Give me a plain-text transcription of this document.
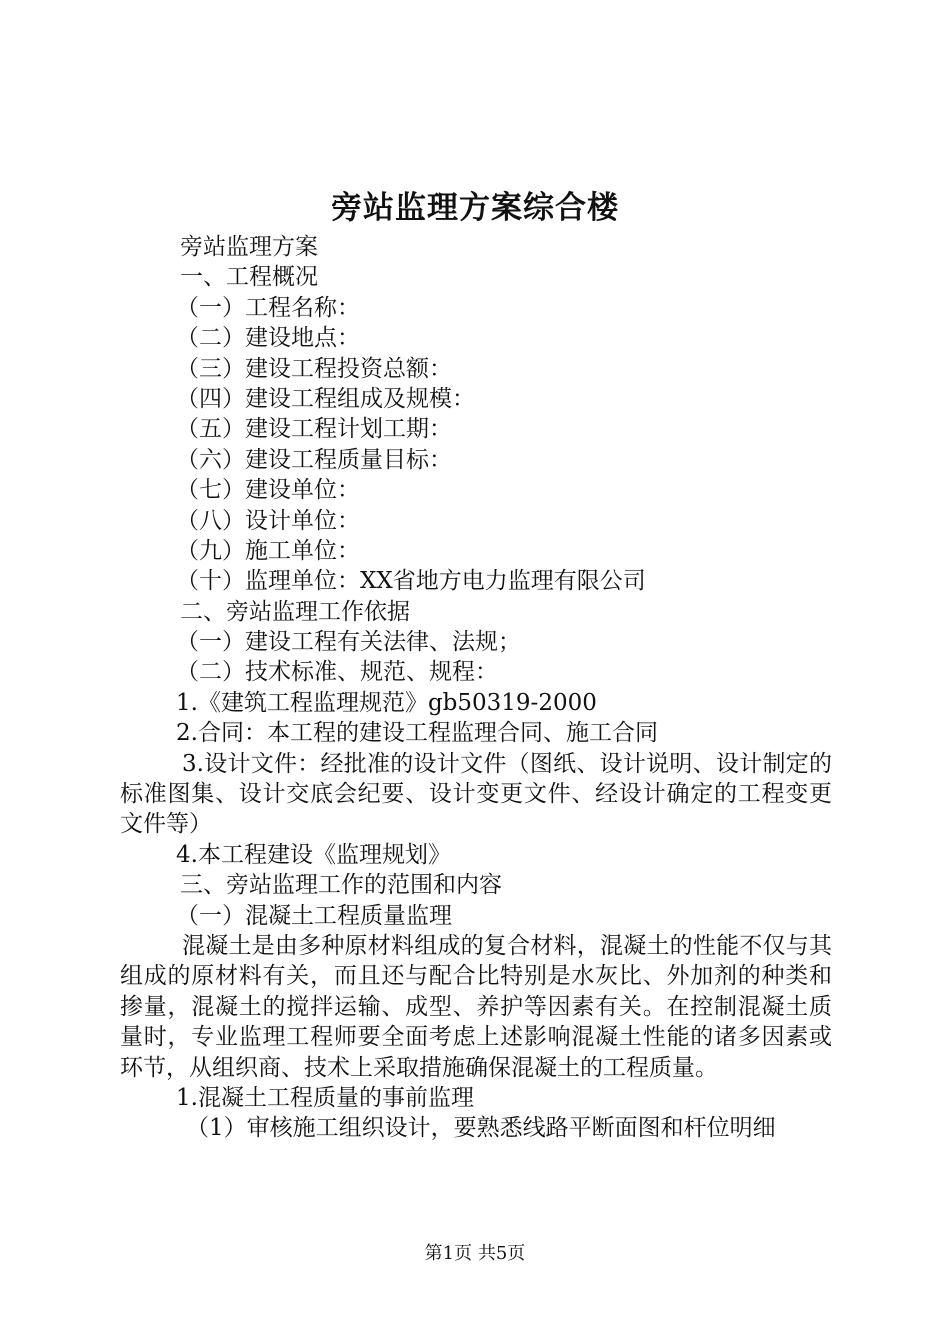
旁站监理方案综合楼
旁站监理方案
一、工程概况
（一）工程名称：
（二）建设地点：
（三）建设工程投资总额：
（四）建设工程组成及规模：
（五）建设工程计划工期：
（六）建设工程质量目标：
（七）建设单位：
（八）设计单位：
（九）施工单位：
（十）监理单位：XX省地方电力监理有限公司
二、旁站监理工作依据
（一）建设工程有关法律、法规；
（二）技术标准、规范、规程：
1.《建筑工程监理规范》gb50319-2000
2.合同：本工程的建设工程监理合同、施工合同
3.设计文件：经批准的设计文件（图纸、设计说明、设计制定的标准图集、设计交底会纪要、设计变更文件、经设计确定的工程变更文件等）
4.本工程建设《监理规划》
三、旁站监理工作的范围和内容
（一）混凝土工程质量监理
混凝土是由多种原材料组成的复合材料，混凝土的性能不仅与其组成的原材料有关，而且还与配合比特别是水灰比、外加剂的种类和掺量，混凝土的搅拌运输、成型、养护等因素有关。在控制混凝土质量时，专业监理工程师要全面考虑上述影响混凝土性能的诸多因素或环节，从组织商、技术上采取措施确保混凝土的工程质量。
1.混凝土工程质量的事前监理
（1）审核施工组织设计，要熟悉线路平断面图和杆位明细
第1页 共5页
